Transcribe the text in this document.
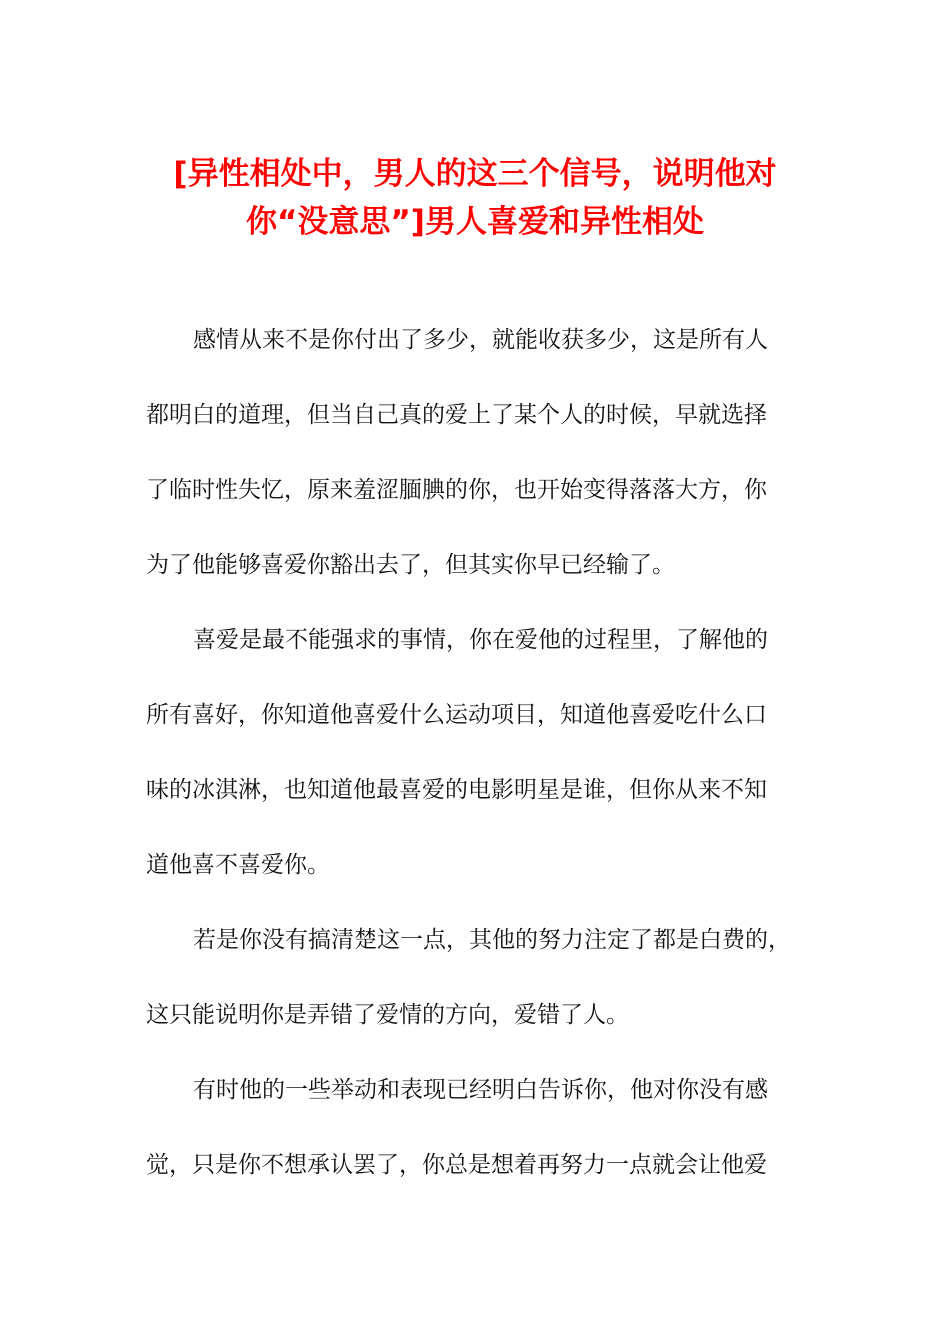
[异性相处中，男人的这三个信号，说明他对
你“没意思”]男人喜爱和异性相处
感情从来不是你付出了多少，就能收获多少，这是所有人
都明白的道理，但当自己真的爱上了某个人的时候，早就选择
了临时性失忆，原来羞涩腼腆的你，也开始变得落落大方，你
为了他能够喜爱你豁出去了，但其实你早已经输了。
喜爱是最不能强求的事情，你在爱他的过程里，了解他的
所有喜好，你知道他喜爱什么运动项目，知道他喜爱吃什么口
味的冰淇淋，也知道他最喜爱的电影明星是谁，但你从来不知
道他喜不喜爱你。
若是你没有搞清楚这一点，其他的努力注定了都是白费的，
这只能说明你是弄错了爱情的方向，爱错了人。
有时他的一些举动和表现已经明白告诉你，他对你没有感
觉，只是你不想承认罢了，你总是想着再努力一点就会让他爱
